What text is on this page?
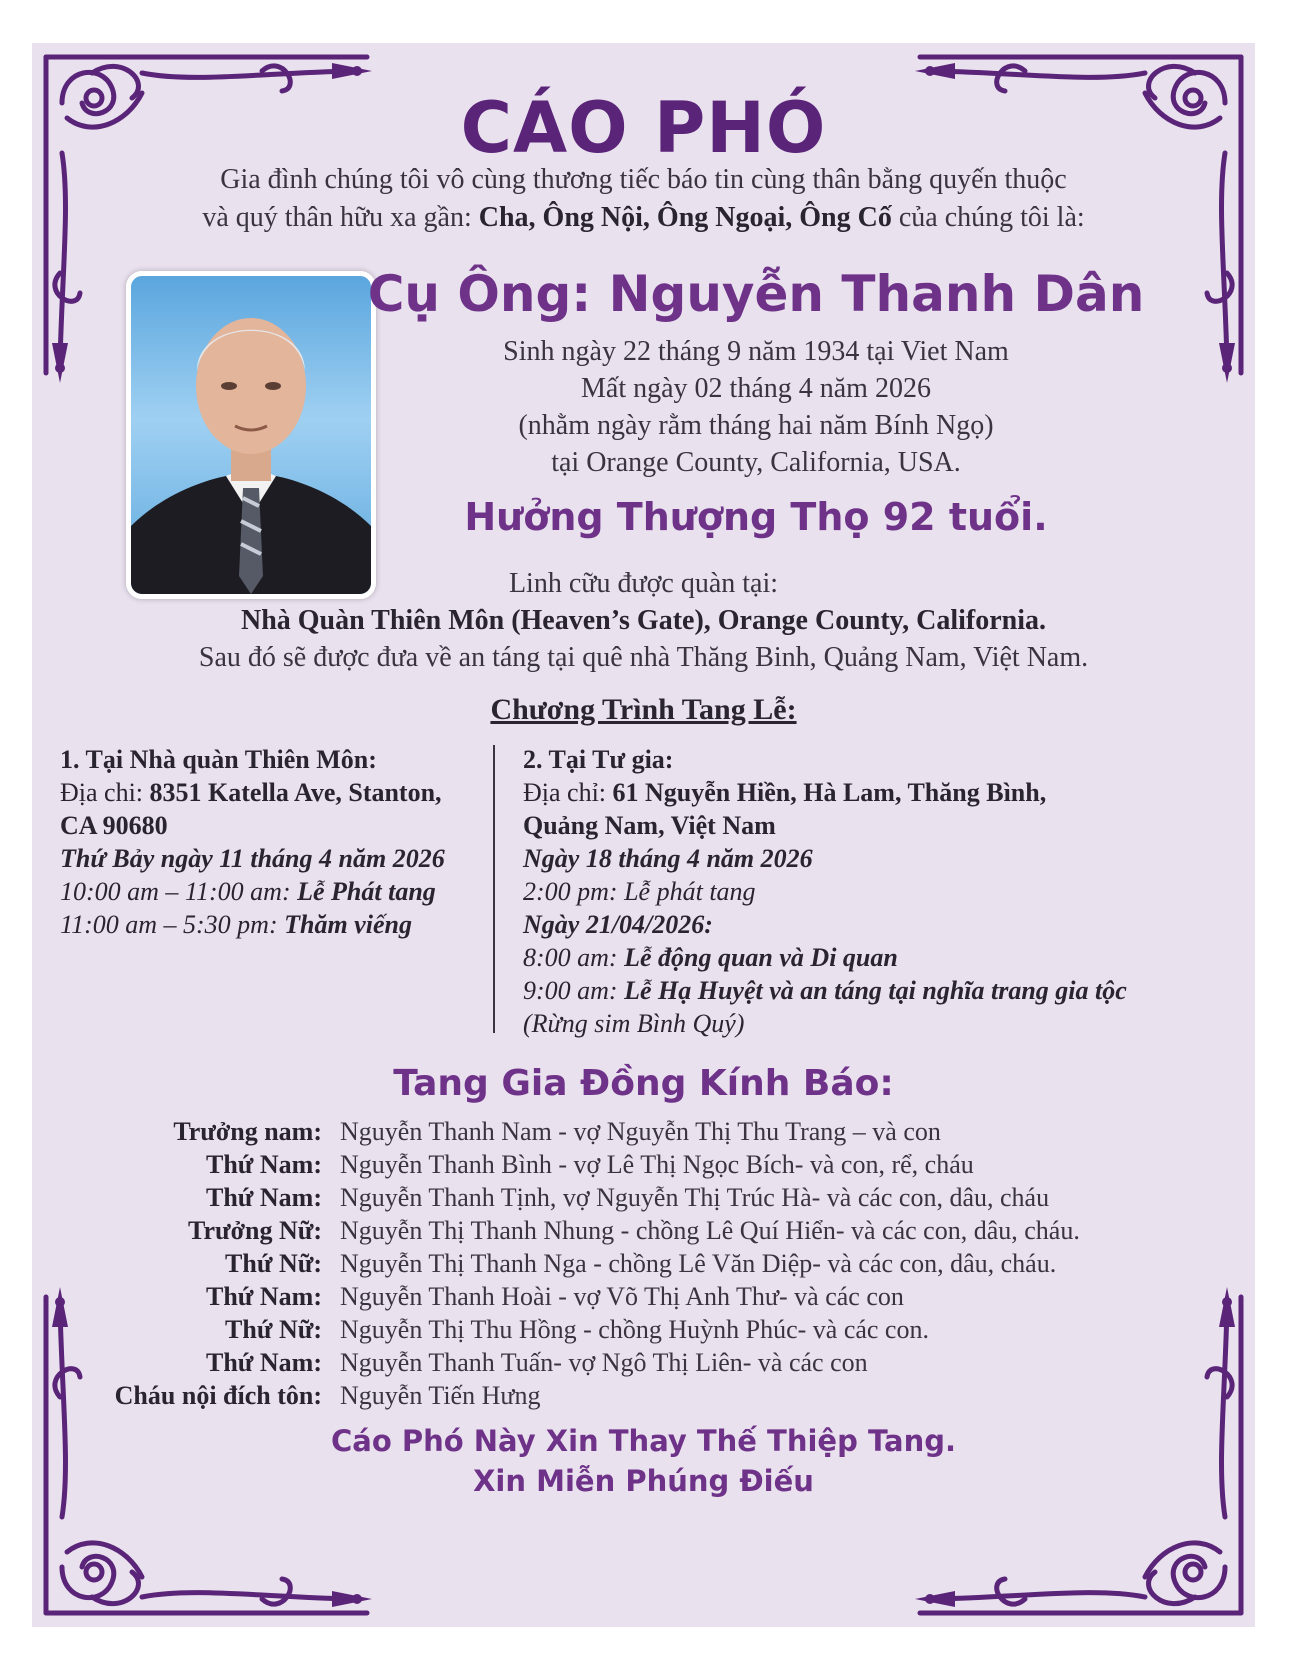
CÁO PHÓ
Gia đình chúng tôi vô cùng thương tiếc báo tin cùng thân bằng quyến thuộc
và quý thân hữu xa gần: Cha, Ông Nội, Ông Ngoại, Ông Cố của chúng tôi là:
Cụ Ông: Nguyễn Thanh Dân
Sinh ngày 22 tháng 9 năm 1934 tại Viet Nam
Mất ngày 02 tháng 4 năm 2026
(nhằm ngày rằm tháng hai năm Bính Ngọ)
tại Orange County, California, USA.
Hưởng Thượng Thọ 92 tuổi.
Linh cữu được quàn tại:
Nhà Quàn Thiên Môn (Heaven’s Gate), Orange County, California.
Sau đó sẽ được đưa về an táng tại quê nhà Thăng Binh, Quảng Nam, Việt Nam.
Chương Trình Tang Lễ:
1. Tại Nhà quàn Thiên Môn:
Địa chi: 8351 Katella Ave, Stanton,
CA 90680
Thứ Bảy ngày 11 tháng 4 năm 2026
10:00 am – 11:00 am: Lễ Phát tang
11:00 am – 5:30 pm: Thăm viếng
2. Tại Tư gia:
Địa chỉ: 61 Nguyễn Hiền, Hà Lam, Thăng Bình,
Quảng Nam, Việt Nam
Ngày 18 tháng 4 năm 2026
2:00 pm: Lễ phát tang
Ngày 21/04/2026:
8:00 am: Lễ động quan và Di quan
9:00 am: Lễ Hạ Huyệt và an táng tại nghĩa trang gia tộc
(Rừng sim Bình Quý)
Tang Gia Đồng Kính Báo:
Trưởng nam: Nguyễn Thanh Nam - vợ Nguyễn Thị Thu Trang – và con
Thứ Nam: Nguyễn Thanh Bình - vợ Lê Thị Ngọc Bích- và con, rể, cháu
Thứ Nam: Nguyễn Thanh Tịnh, vợ Nguyễn Thị Trúc Hà- và các con, dâu, cháu
Trưởng Nữ: Nguyễn Thị Thanh Nhung - chồng Lê Quí Hiển- và các con, dâu, cháu.
Thứ Nữ: Nguyễn Thị Thanh Nga - chồng Lê Văn Diệp- và các con, dâu, cháu.
Thứ Nam: Nguyễn Thanh Hoài - vợ Võ Thị Anh Thư- và các con
Thứ Nữ: Nguyễn Thị Thu Hồng - chồng Huỳnh Phúc- và các con.
Thứ Nam: Nguyễn Thanh Tuấn- vợ Ngô Thị Liên- và các con
Cháu nội đích tôn: Nguyễn Tiến Hưng
Cáo Phó Này Xin Thay Thế Thiệp Tang.
Xin Miễn Phúng Điếu
